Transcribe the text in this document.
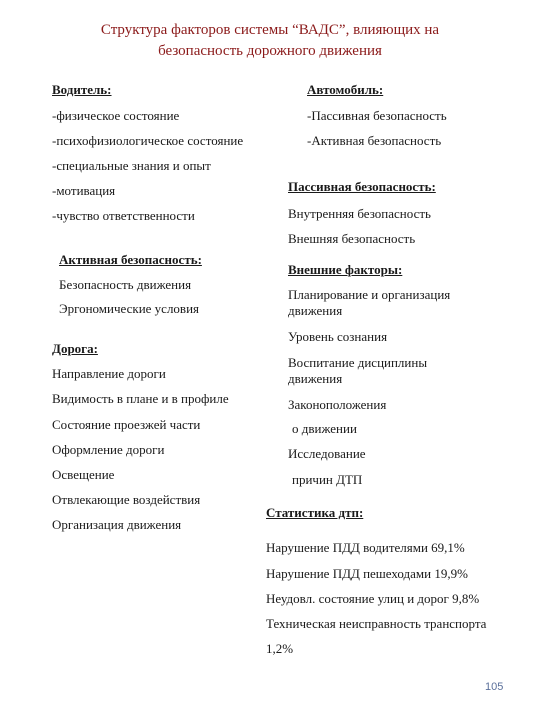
Структура факторов системы “ВАДС”, влияющих на
безопасность дорожного движения
Водитель:
-физическое состояние
-психофизиологическое состояние
-специальные знания и опыт
-мотивация
-чувство ответственности
Автомобиль:
-Пассивная безопасность
-Активная безопасность
Пассивная безопасность:
Внутренняя безопасность
Внешняя безопасность
Активная безопасность:
Безопасность движения
Эргономические условия
Внешние факторы:
Планирование и организация движения
Уровень сознания
Воспитание дисциплины движения
Законоположения
о движении
Исследование
причин ДТП
Дорога:
Направление дороги
Видимость в плане и в профиле
Состояние проезжей части
Оформление дороги
Освещение
Отвлекающие воздействия
Организация движения
Статистика дтп:
Нарушение ПДД водителями 69,1%
Нарушение ПДД пешеходами 19,9%
Неудовл. состояние улиц и дорог 9,8%
Техническая неисправность транспорта
1,2%
105
